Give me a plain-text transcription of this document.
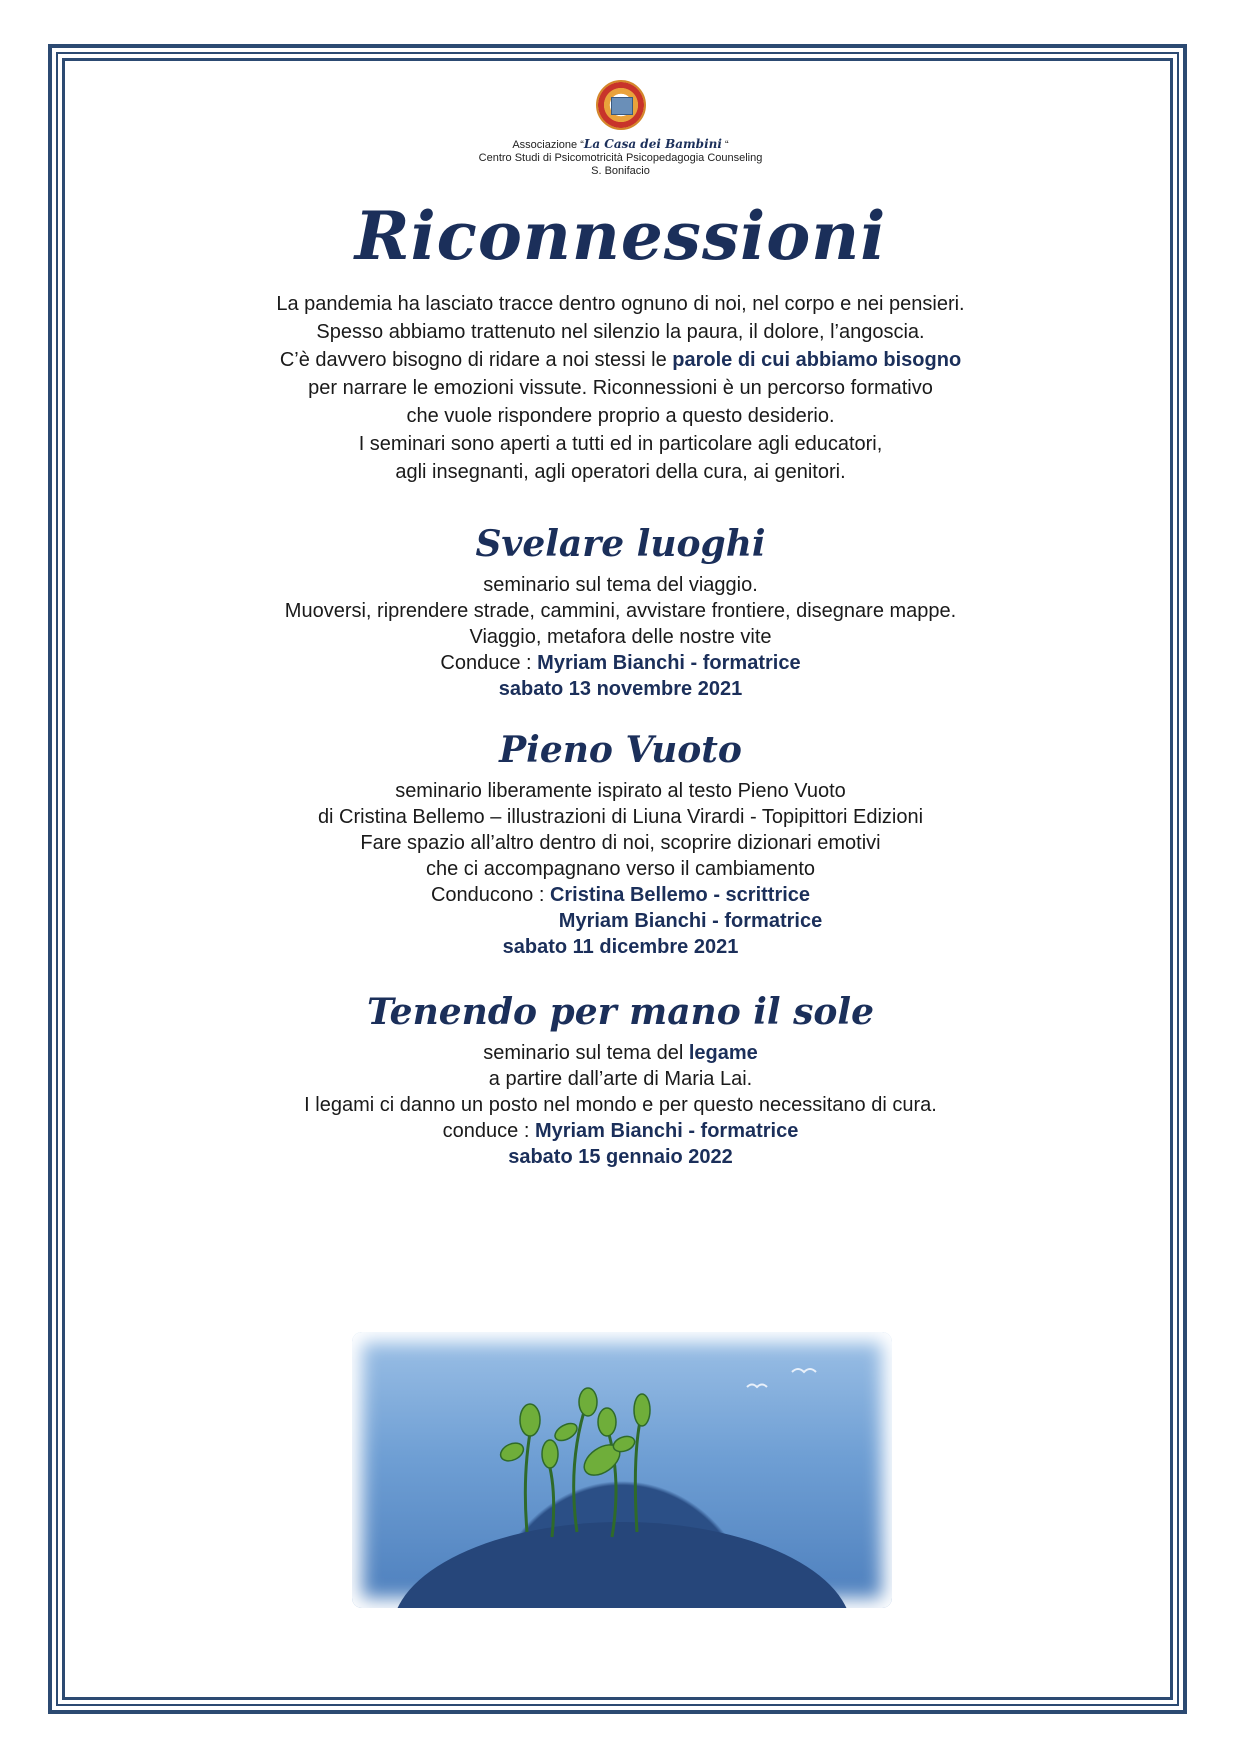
Associazione “La Casa dei Bambini “
Centro Studi di Psicomotricità Psicopedagogia Counseling
S. Bonifacio
Riconnessioni

La pandemia ha lasciato tracce dentro ognuno di noi, nel corpo e nei pensieri.

Spesso abbiamo trattenuto nel silenzio la paura, il dolore, l’angoscia.

C’è davvero bisogno di ridare a noi stessi le parole di cui abbiamo bisogno

per narrare le emozioni vissute. Riconnessioni è un percorso formativo

che vuole rispondere proprio a questo desiderio.

I seminari sono aperti a tutti ed in particolare agli educatori,

agli insegnanti, agli operatori della cura, ai genitori.

Svelare luoghi

seminario sul tema del viaggio.

Muoversi, riprendere strade, cammini, avvistare frontiere, disegnare mappe.

Viaggio, metafora delle nostre vite

Conduce : Myriam Bianchi - formatrice

sabato 13 novembre 2021

Pieno Vuoto

seminario liberamente ispirato al testo Pieno Vuoto

di Cristina Bellemo – illustrazioni di Liuna Virardi - Topipittori Edizioni

Fare spazio all’altro dentro di noi, scoprire dizionari emotivi

che ci accompagnano verso il cambiamento

Conducono : Cristina Bellemo - scrittrice

Myriam Bianchi - formatrice

sabato 11 dicembre 2021

Tenendo per mano il sole

seminario sul tema del legame

a partire dall’arte di Maria Lai.

I legami ci danno un posto nel mondo e per questo necessitano di cura.

conduce : Myriam Bianchi - formatrice

sabato 15 gennaio 2022
